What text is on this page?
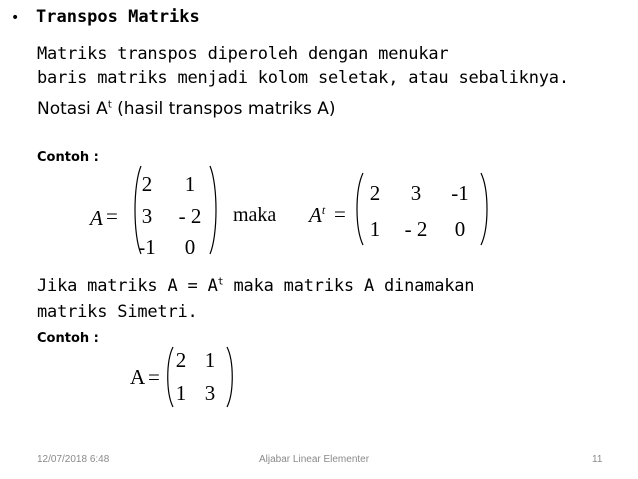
• Transpos Matriks
Matriks transpos diperoleh dengan menukar
baris matriks menjadi kolom seletak, atau sebaliknya.
Notasi $A^t$ (hasil transpos matriks A)
Contoh :
A =
2	1
3	- 2
-1	0
maka $A^t$ =
2	3	-1
1	- 2	0
Jika matriks $A = A^t$ maka matriks A dinamakan
matriks Simetri.
Contoh :
A =
2 1
1 3
12/07/2018 6:48	Aljabar Linear Elementer	11
